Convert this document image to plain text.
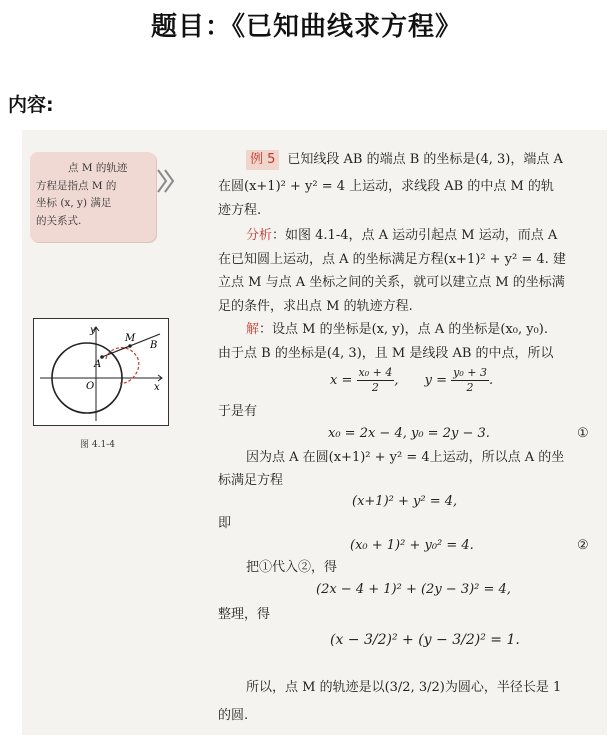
题目：《已知曲线求方程》
内容:
点 M 的轨迹
方程是指点 M 的
坐标 (x, y) 满足
的关系式.
y
x
O
A
M
B
图 4.1-4
例 5 已知线段 AB 的端点 B 的坐标是(4, 3)，端点 A
在圆(x+1)² + y² = 4 上运动，求线段 AB 的中点 M 的轨
迹方程.
分析：如图 4.1-4，点 A 运动引起点 M 运动，而点 A
在已知圆上运动，点 A 的坐标满足方程(x+1)² + y² = 4. 建
立点 M 与点 A 坐标之间的关系，就可以建立点 M 的坐标满
足的条件，求出点 M 的轨迹方程.
解：设点 M 的坐标是(x, y)，点 A 的坐标是(x₀, y₀).
由于点 B 的坐标是(4, 3)，且 M 是线段 AB 的中点，所以
$x = \frac{\text{x₀ + 4}}{2}$ , $y = \frac{\text{y₀ + 3}}{2}$ .
于是有
x₀ = 2x − 4, y₀ = 2y − 3.	①
因为点 A 在圆(x+1)² + y² = 4上运动，所以点 A 的坐
标满足方程
(x+1)² + y² = 4,
即
(x₀ + 1)² + y₀² = 4.	②
把①代入②，得
(2x − 4 + 1)² + (2y − 3)² = 4,
整理，得
(x − 3/2)² + (y − 3/2)² = 1.
所以，点 M 的轨迹是以(3/2, 3/2)为圆心，半径长是 1
的圆.
